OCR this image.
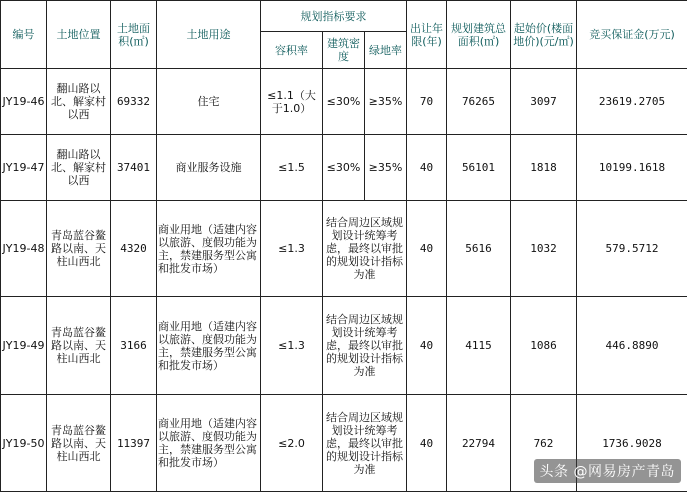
编号	土地位置	土地面积(㎡)	土地用途	规划指标要求			出让年限(年)	规划建筑总面积(㎡)	起始价(楼面地价)(元/㎡)	竞买保证金(万元)
				容积率	建筑密度	绿地率				
JY19-46	翻山路以北、解家村以西	69332	住宅	≤1.1（大于1.0）	≤30%	≥35%	70	76265	3097	23619.2705
JY19-47	翻山路以北、解家村以西	37401	商业服务设施	≤1.5	≤30%	≥35%	40	56101	1818	10199.1618
JY19-48	青岛蓝谷鳌路以南、天柱山西北	4320	商业用地（适建内容以旅游、度假功能为主，禁建服务型公寓和批发市场）	≤1.3	结合周边区域规划设计统筹考虑，最终以审批的规划设计指标为准		40	5616	1032	579.5712
JY19-49	青岛蓝谷鳌路以南、天柱山西北	3166	商业用地（适建内容以旅游、度假功能为主，禁建服务型公寓和批发市场）	≤1.3	结合周边区域规划设计统筹考虑，最终以审批的规划设计指标为准		40	4115	1086	446.8890
JY19-50	青岛蓝谷鳌路以南、天柱山西北	11397	商业用地（适建内容以旅游、度假功能为主，禁建服务型公寓和批发市场）	≤2.0	结合周边区域规划设计统筹考虑，最终以审批的规划设计指标为准		40	22794	762	1736.9028
头条 @网易房产青岛
